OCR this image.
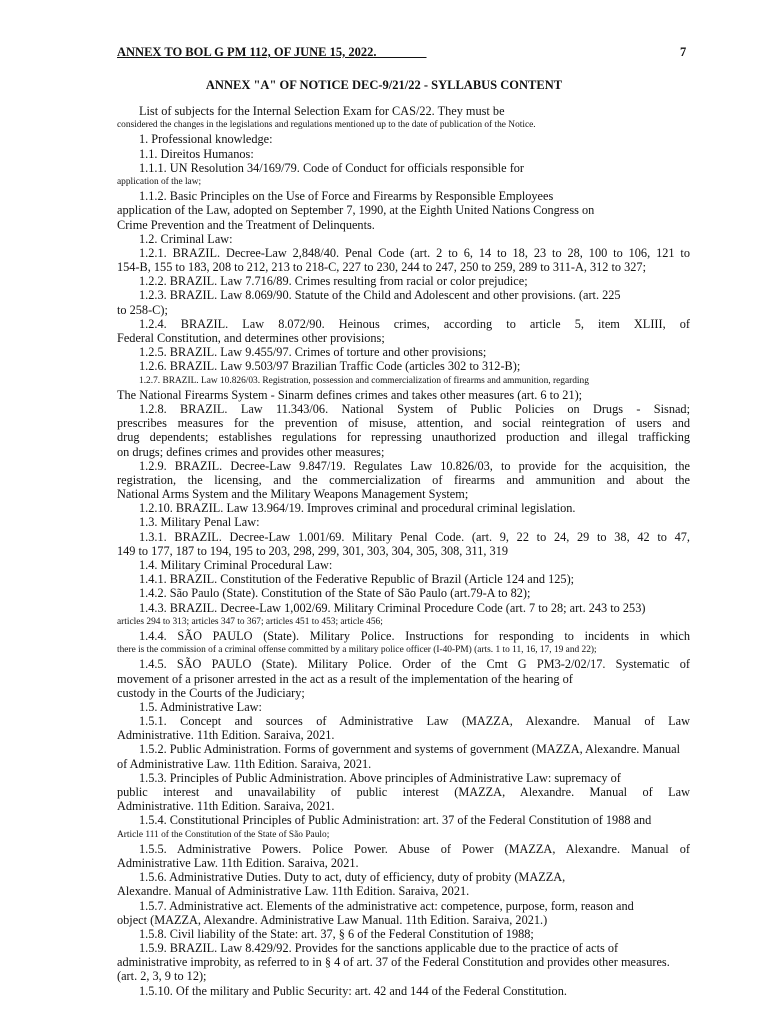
ANNEX TO BOL G PM 112, OF JUNE 15, 2022.	7
ANNEX "A" OF NOTICE DEC-9/21/22 - SYLLABUS CONTENT
List of subjects for the Internal Selection Exam for CAS/22. They must be
considered the changes in the legislations and regulations mentioned up to the date of publication of the Notice.
1. Professional knowledge:
1.1. Direitos Humanos:
1.1.1. UN Resolution 34/169/79. Code of Conduct for officials responsible for
application of the law;
1.1.2. Basic Principles on the Use of Force and Firearms by Responsible Employees
application of the Law, adopted on September 7, 1990, at the Eighth United Nations Congress on
Crime Prevention and the Treatment of Delinquents.
1.2. Criminal Law:
1.2.1. BRAZIL. Decree-Law 2,848/40. Penal Code (art. 2 to 6, 14 to 18, 23 to 28, 100 to 106, 121 to
154-B, 155 to 183, 208 to 212, 213 to 218-C, 227 to 230, 244 to 247, 250 to 259, 289 to 311-A, 312 to 327;
1.2.2. BRAZIL. Law 7.716/89. Crimes resulting from racial or color prejudice;
1.2.3. BRAZIL. Law 8.069/90. Statute of the Child and Adolescent and other provisions. (art. 225
to 258-C);
1.2.4. BRAZIL. Law 8.072/90. Heinous crimes, according to article 5, item XLIII, of
Federal Constitution, and determines other provisions;
1.2.5. BRAZIL. Law 9.455/97. Crimes of torture and other provisions;
1.2.6. BRAZIL. Law 9.503/97 Brazilian Traffic Code (articles 302 to 312-B);
1.2.7. BRAZIL. Law 10.826/03. Registration, possession and commercialization of firearms and ammunition, regarding
The National Firearms System - Sinarm defines crimes and takes other measures (art. 6 to 21);
1.2.8. BRAZIL. Law 11.343/06. National System of Public Policies on Drugs - Sisnad;
prescribes measures for the prevention of misuse, attention, and social reintegration of users and
drug dependents; establishes regulations for repressing unauthorized production and illegal trafficking
on drugs; defines crimes and provides other measures;
1.2.9. BRAZIL. Decree-Law 9.847/19. Regulates Law 10.826/03, to provide for the acquisition, the
registration, the licensing, and the commercialization of firearms and ammunition and about the
National Arms System and the Military Weapons Management System;
1.2.10. BRAZIL. Law 13.964/19. Improves criminal and procedural criminal legislation.
1.3. Military Penal Law:
1.3.1. BRAZIL. Decree-Law 1.001/69. Military Penal Code. (art. 9, 22 to 24, 29 to 38, 42 to 47,
149 to 177, 187 to 194, 195 to 203, 298, 299, 301, 303, 304, 305, 308, 311, 319
1.4. Military Criminal Procedural Law:
1.4.1. BRAZIL. Constitution of the Federative Republic of Brazil (Article 124 and 125);
1.4.2. São Paulo (State). Constitution of the State of São Paulo (art.79-A to 82);
1.4.3. BRAZIL. Decree-Law 1,002/69. Military Criminal Procedure Code (art. 7 to 28; art. 243 to 253)
articles 294 to 313; articles 347 to 367; articles 451 to 453; article 456;
1.4.4. SÃO PAULO (State). Military Police. Instructions for responding to incidents in which
there is the commission of a criminal offense committed by a military police officer (I-40-PM) (arts. 1 to 11, 16, 17, 19 and 22);
1.4.5. SÃO PAULO (State). Military Police. Order of the Cmt G PM3-2/02/17. Systematic of
movement of a prisoner arrested in the act as a result of the implementation of the hearing of
custody in the Courts of the Judiciary;
1.5. Administrative Law:
1.5.1. Concept and sources of Administrative Law (MAZZA, Alexandre. Manual of Law
Administrative. 11th Edition. Saraiva, 2021.
1.5.2. Public Administration. Forms of government and systems of government (MAZZA, Alexandre. Manual
of Administrative Law. 11th Edition. Saraiva, 2021.
1.5.3. Principles of Public Administration. Above principles of Administrative Law: supremacy of
public interest and unavailability of public interest (MAZZA, Alexandre. Manual of Law
Administrative. 11th Edition. Saraiva, 2021.
1.5.4. Constitutional Principles of Public Administration: art. 37 of the Federal Constitution of 1988 and
Article 111 of the Constitution of the State of São Paulo;
1.5.5. Administrative Powers. Police Power. Abuse of Power (MAZZA, Alexandre. Manual of
Administrative Law. 11th Edition. Saraiva, 2021.
1.5.6. Administrative Duties. Duty to act, duty of efficiency, duty of probity (MAZZA,
Alexandre. Manual of Administrative Law. 11th Edition. Saraiva, 2021.
1.5.7. Administrative act. Elements of the administrative act: competence, purpose, form, reason and
object (MAZZA, Alexandre. Administrative Law Manual. 11th Edition. Saraiva, 2021.)
1.5.8. Civil liability of the State: art. 37, § 6 of the Federal Constitution of 1988;
1.5.9. BRAZIL. Law 8.429/92. Provides for the sanctions applicable due to the practice of acts of
administrative improbity, as referred to in § 4 of art. 37 of the Federal Constitution and provides other measures.
(art. 2, 3, 9 to 12);
1.5.10. Of the military and Public Security: art. 42 and 144 of the Federal Constitution.
